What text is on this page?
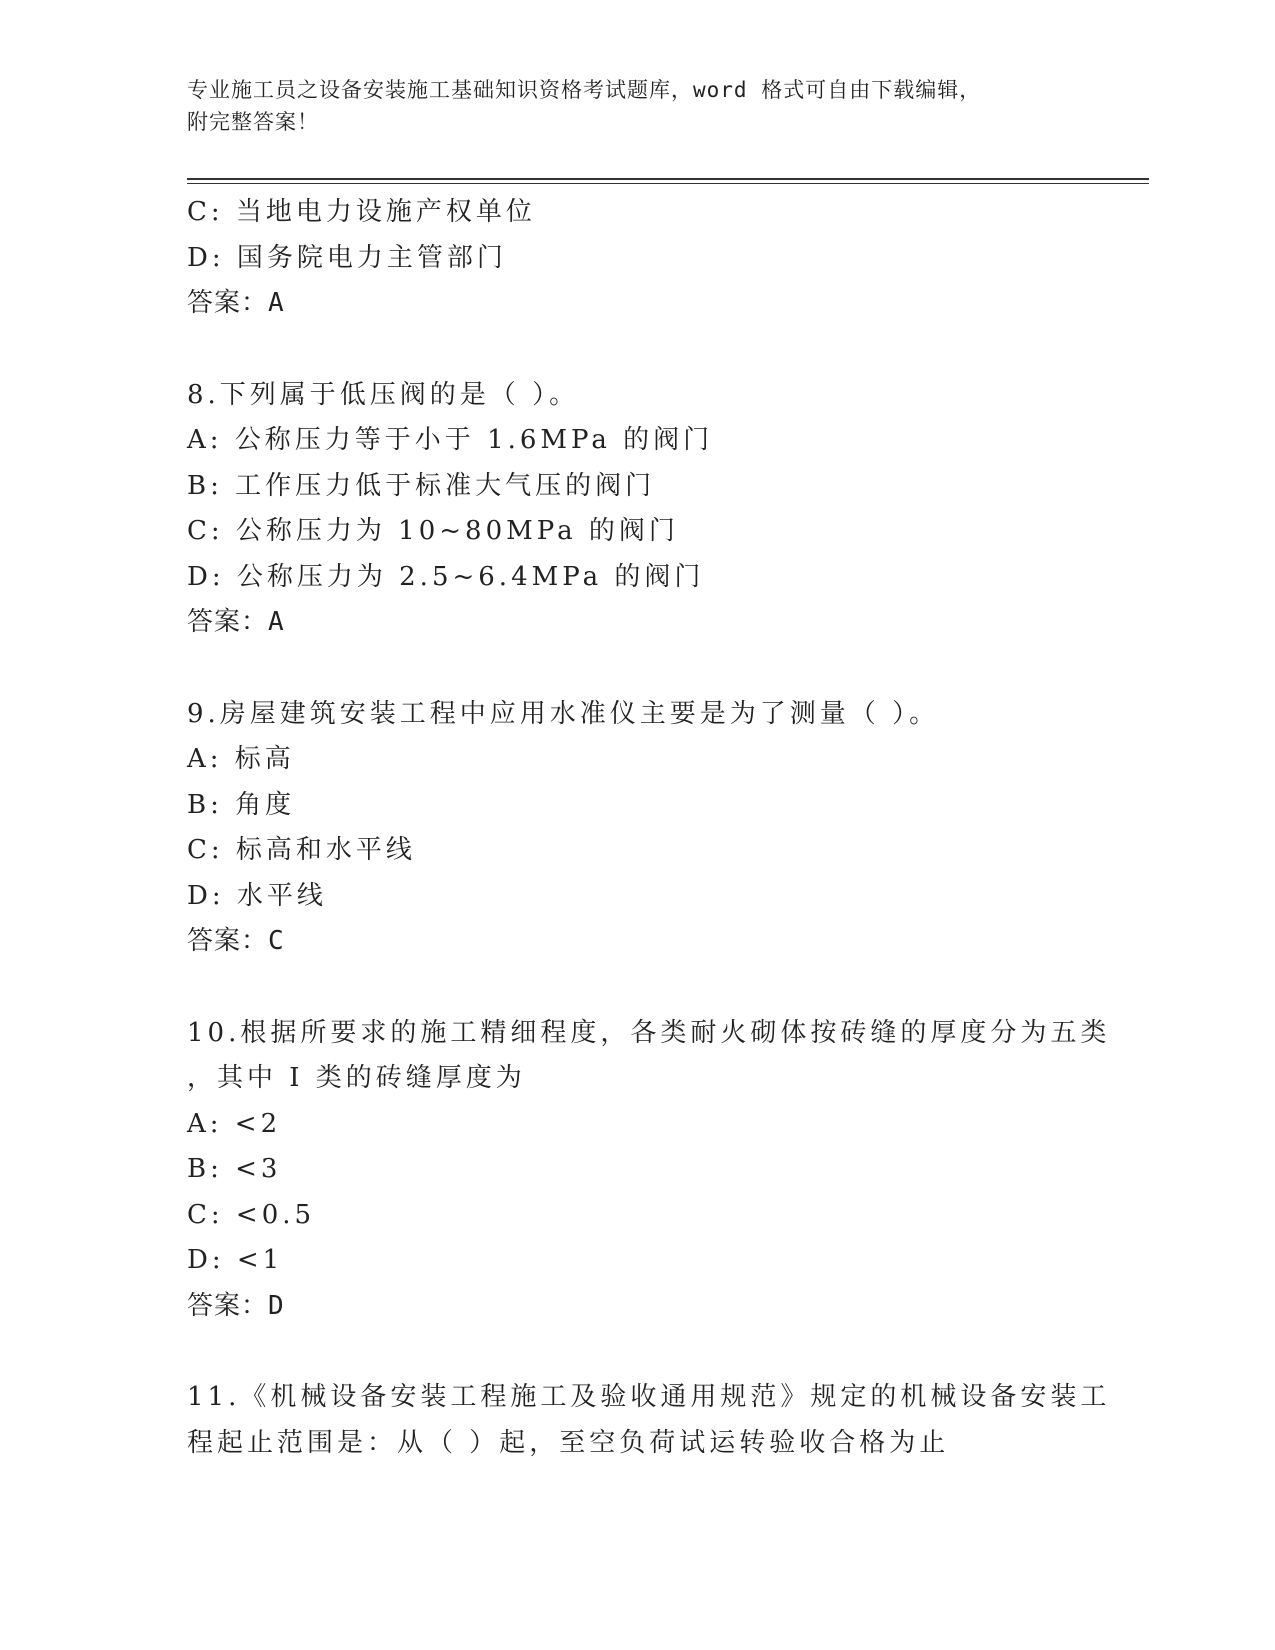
专业施工员之设备安装施工基础知识资格考试题库，word 格式可自由下载编辑，
附完整答案！
C: 当地电力设施产权单位
D: 国务院电力主管部门
答案：A
8.下列属于低压阀的是（ ）。
A: 公称压力等于小于 1.6MPa 的阀门
B: 工作压力低于标准大气压的阀门
C: 公称压力为 10~80MPa 的阀门
D: 公称压力为 2.5~6.4MPa 的阀门
答案：A
9.房屋建筑安装工程中应用水准仪主要是为了测量（ ）。
A: 标高
B: 角度
C: 标高和水平线
D: 水平线
答案：C
10.根据所要求的施工精细程度，各类耐火砌体按砖缝的厚度分为五类
，其中 I 类的砖缝厚度为
A: <2
B: <3
C: <0.5
D: <1
答案：D
11.《机械设备安装工程施工及验收通用规范》规定的机械设备安装工
程起止范围是：从（ ）起，至空负荷试运转验收合格为止
